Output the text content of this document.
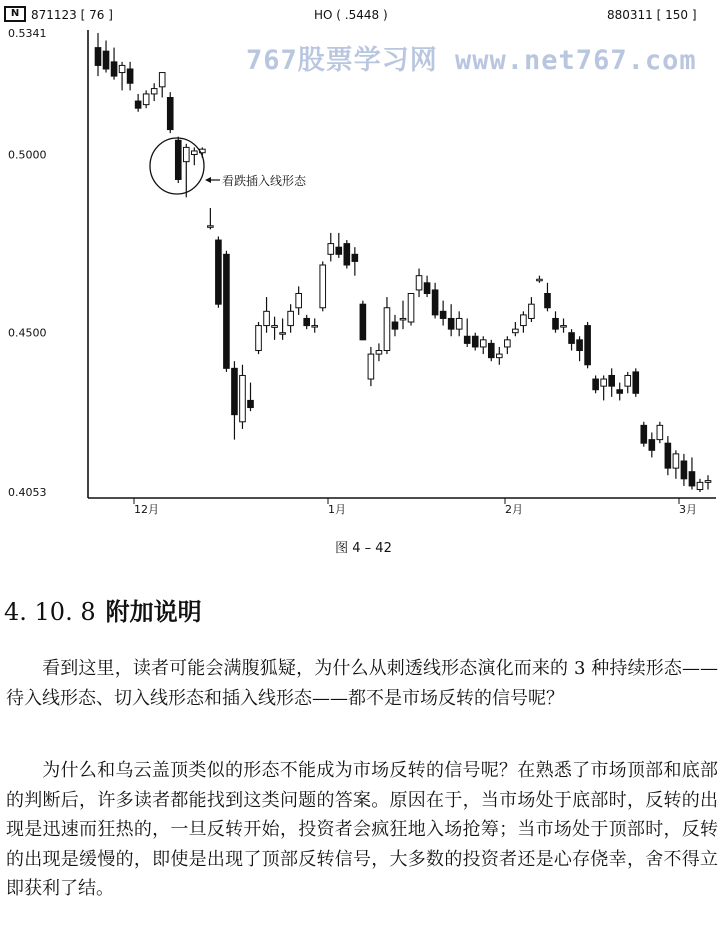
N 871123 [ 76 ]	HO ( .5448 )	880311 [ 150 ]
0.5341
0.5000
0.4500
0.4053
12月	1月	2月	3月
看跌插入线形态
767股票学习网 www.net767.com
图 4 – 42
4. 10. 8 附加说明

看到这里，读者可能会满腹狐疑，为什么从刺透线形态演化而来的 3 种持续形态——待入线形态、切入线形态和插入线形态——都不是市场反转的信号呢？

为什么和乌云盖顶类似的形态不能成为市场反转的信号呢？在熟悉了市场顶部和底部的判断后，许多读者都能找到这类问题的答案。原因在于，当市场处于底部时，反转的出现是迅速而狂热的，一旦反转开始，投资者会疯狂地入场抢筹；当市场处于顶部时，反转的出现是缓慢的，即使是出现了顶部反转信号，大多数的投资者还是心存侥幸，舍不得立即获利了结。
